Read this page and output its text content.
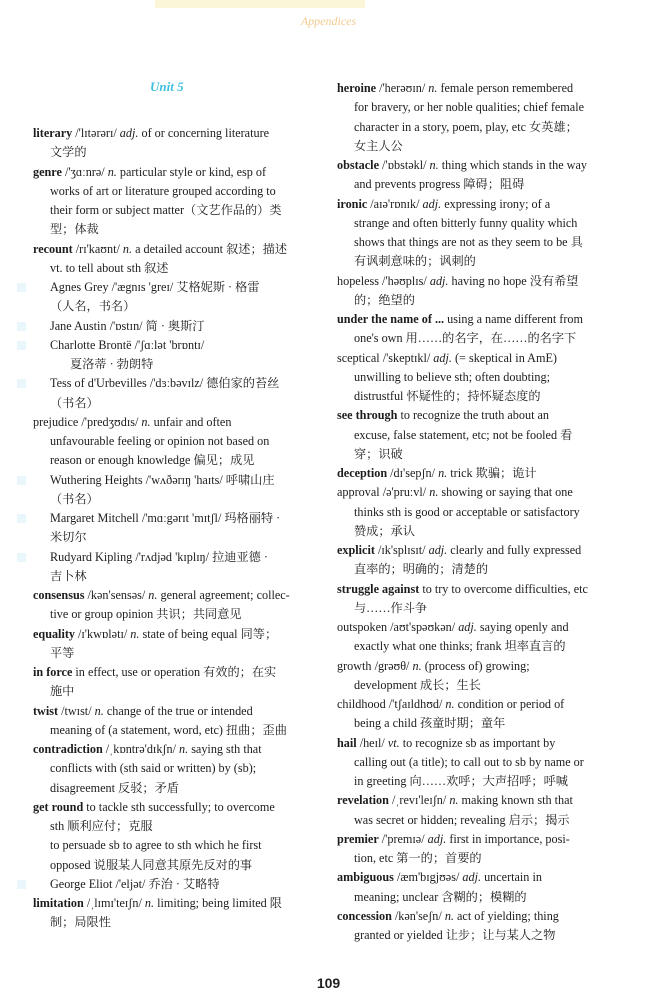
Appendices
Unit 5
literary /'lɪtərərɪ/ adj. of or concerning literature
文学的
genre /'ʒɑːnrə/ n. particular style or kind, esp of
works of art or literature grouped according to
their form or subject matter（文艺作品的）类
型；体裁
recount /rɪ'kaʊnt/ n. a detailed account 叙述；描述
vt. to tell about sth 叙述
Agnes Grey /'ægnɪs 'greɪ/ 艾格妮斯 · 格雷
（人名，书名）
Jane Austin /'ɒstɪn/ 简 · 奥斯汀
Charlotte Brontë /'ʃɑːlət 'brɒntɪ/
夏洛蒂 · 勃朗特
Tess of d'Urbevilles /'dɜːbəvɪlz/ 德伯家的苔丝
（书名）
prejudice /'predʒʊdɪs/ n. unfair and often
unfavourable feeling or opinion not based on
reason or enough knowledge 偏见；成见
Wuthering Heights /'wʌðərɪŋ 'haɪts/ 呼啸山庄
（书名）
Margaret Mitchell /'mɑːgərɪt 'mɪtʃl/ 玛格丽特 ·
米切尔
Rudyard Kipling /'rʌdjəd 'kɪplɪŋ/ 拉迪亚德 ·
吉卜林
consensus /kən'sensəs/ n. general agreement; collec-
tive or group opinion 共识；共同意见
equality /ɪ'kwɒlətɪ/ n. state of being equal 同等；
平等
in force in effect, use or operation 有效的；在实
施中
twist /twɪst/ n. change of the true or intended
meaning of (a statement, word, etc) 扭曲；歪曲
contradiction /ˌkɒntrə'dɪkʃn/ n. saying sth that
conflicts with (sth said or written) by (sb);
disagreement 反驳；矛盾
get round to tackle sth successfully; to overcome
sth 顺利应付；克服
to persuade sb to agree to sth which he first
opposed 说服某人同意其原先反对的事
George Eliot /'eljət/ 乔治 · 艾略特
limitation /ˌlɪmɪ'teɪʃn/ n. limiting; being limited 限
制；局限性
heroine /'herəʊɪn/ n. female person remembered
for bravery, or her noble qualities; chief female
character in a story, poem, play, etc 女英雄；
女主人公
obstacle /'ɒbstəkl/ n. thing which stands in the way
and prevents progress 障碍；阻碍
ironic /aɪə'rɒnɪk/ adj. expressing irony; of a
strange and often bitterly funny quality which
shows that things are not as they seem to be 具
有讽刺意味的；讽刺的
hopeless /'həʊplɪs/ adj. having no hope 没有希望
的；绝望的
under the name of ... using a name different from
one's own 用……的名字，在……的名字下
sceptical /'skeptɪkl/ adj. (= skeptical in AmE)
unwilling to believe sth; often doubting;
distrustful 怀疑性的；持怀疑态度的
see through to recognize the truth about an
excuse, false statement, etc; not be fooled 看
穿；识破
deception /dɪ'sepʃn/ n. trick 欺骗；诡计
approval /ə'pruːvl/ n. showing or saying that one
thinks sth is good or acceptable or satisfactory
赞成；承认
explicit /ɪk'splɪsɪt/ adj. clearly and fully expressed
直率的；明确的；清楚的
struggle against to try to overcome difficulties, etc
与……作斗争
outspoken /aʊt'spəʊkən/ adj. saying openly and
exactly what one thinks; frank 坦率直言的
growth /grəʊθ/ n. (process of) growing;
development 成长；生长
childhood /'tʃaɪldhʊd/ n. condition or period of
being a child 孩童时期；童年
hail /heɪl/ vt. to recognize sb as important by
calling out (a title); to call out to sb by name or
in greeting 向……欢呼；大声招呼；呼喊
revelation /ˌrevɪ'leɪʃn/ n. making known sth that
was secret or hidden; revealing 启示；揭示
premier /'premɪə/ adj. first in importance, posi-
tion, etc 第一的；首要的
ambiguous /æm'bɪgjʊəs/ adj. uncertain in
meaning; unclear 含糊的；模糊的
concession /kən'seʃn/ n. act of yielding; thing
granted or yielded 让步；让与某人之物
109
